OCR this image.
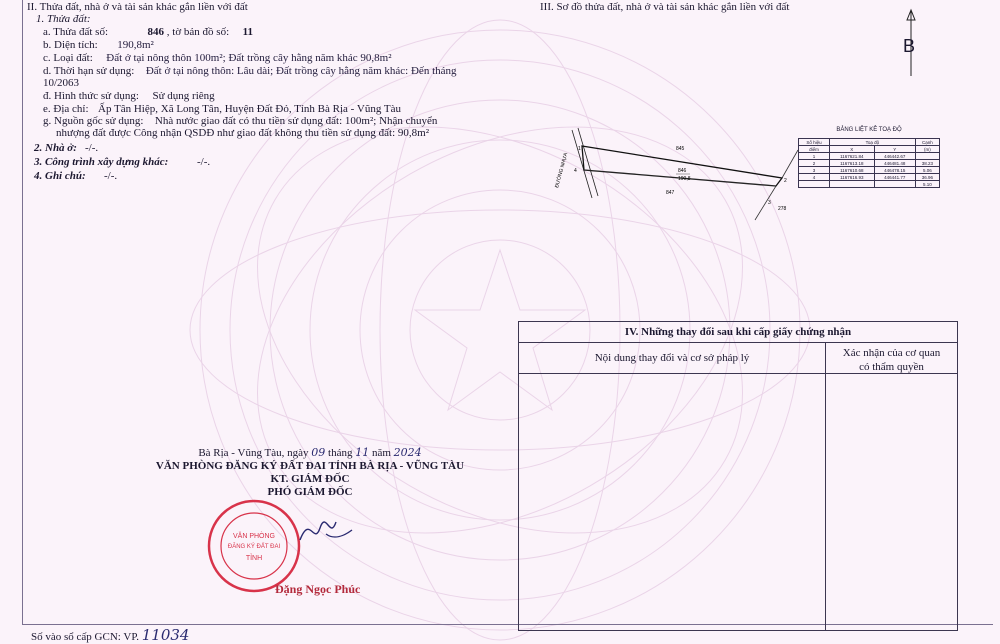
II. Thửa đất, nhà ở và tài sản khác gắn liền với đất
1. Thửa đất:
a. Thửa đất số:	846 , tờ bản đồ số: 11
b. Diện tích: 190,8m²
c. Loại đất: Đất ở tại nông thôn 100m²; Đất trồng cây hằng năm khác 90,8m²
d. Thời hạn sử dụng: Đất ở tại nông thôn: Lâu dài; Đất trồng cây hằng năm khác: Đến tháng
10/2063
đ. Hình thức sử dụng: Sử dụng riêng
e. Địa chỉ: Ấp Tân Hiệp, Xã Long Tân, Huyện Đất Đỏ, Tỉnh Bà Rịa - Vũng Tàu
g. Nguồn gốc sử dụng: Nhà nước giao đất có thu tiền sử dụng đất: 100m²; Nhận chuyển
nhượng đất được Công nhận QSDĐ như giao đất không thu tiền sử dụng đất: 90,8m²
2. Nhà ở: -/-.
3. Công trình xây dựng khác:	-/-.
4. Ghi chú: -/-.
III. Sơ đồ thửa đất, nhà ở và tài sản khác gắn liền với đất
B
BẢNG LIỆT KÊ TOẠ ĐỘ
Số hiệu	Toạ độ		Cạnh
điểm	X	Y	(m)
1	1167621.84	446442.67	
2	1167613.18	446481.48	38.23
3	1167610.68	446478.15	5.06
4	1167616.93	446441.77	36.96
			5.10
ĐƯỜNG NHỰA
1
2
3
4
845
846
190,8
847
278
IV. Những thay đổi sau khi cấp giấy chứng nhận
Nội dung thay đổi và cơ sở pháp lý	Xác nhận của cơ quan
có thẩm quyền
Bà Rịa - Vũng Tàu, ngày 09 tháng 11 năm 2024
VĂN PHÒNG ĐĂNG KÝ ĐẤT ĐAI TỈNH BÀ RỊA - VŨNG TÀU
KT. GIÁM ĐỐC
PHÓ GIÁM ĐỐC
VĂN PHÒNG
ĐĂNG KÝ ĐẤT ĐAI
TỈNH
Đặng Ngọc Phúc
Số vào sổ cấp GCN: VP. 11034
